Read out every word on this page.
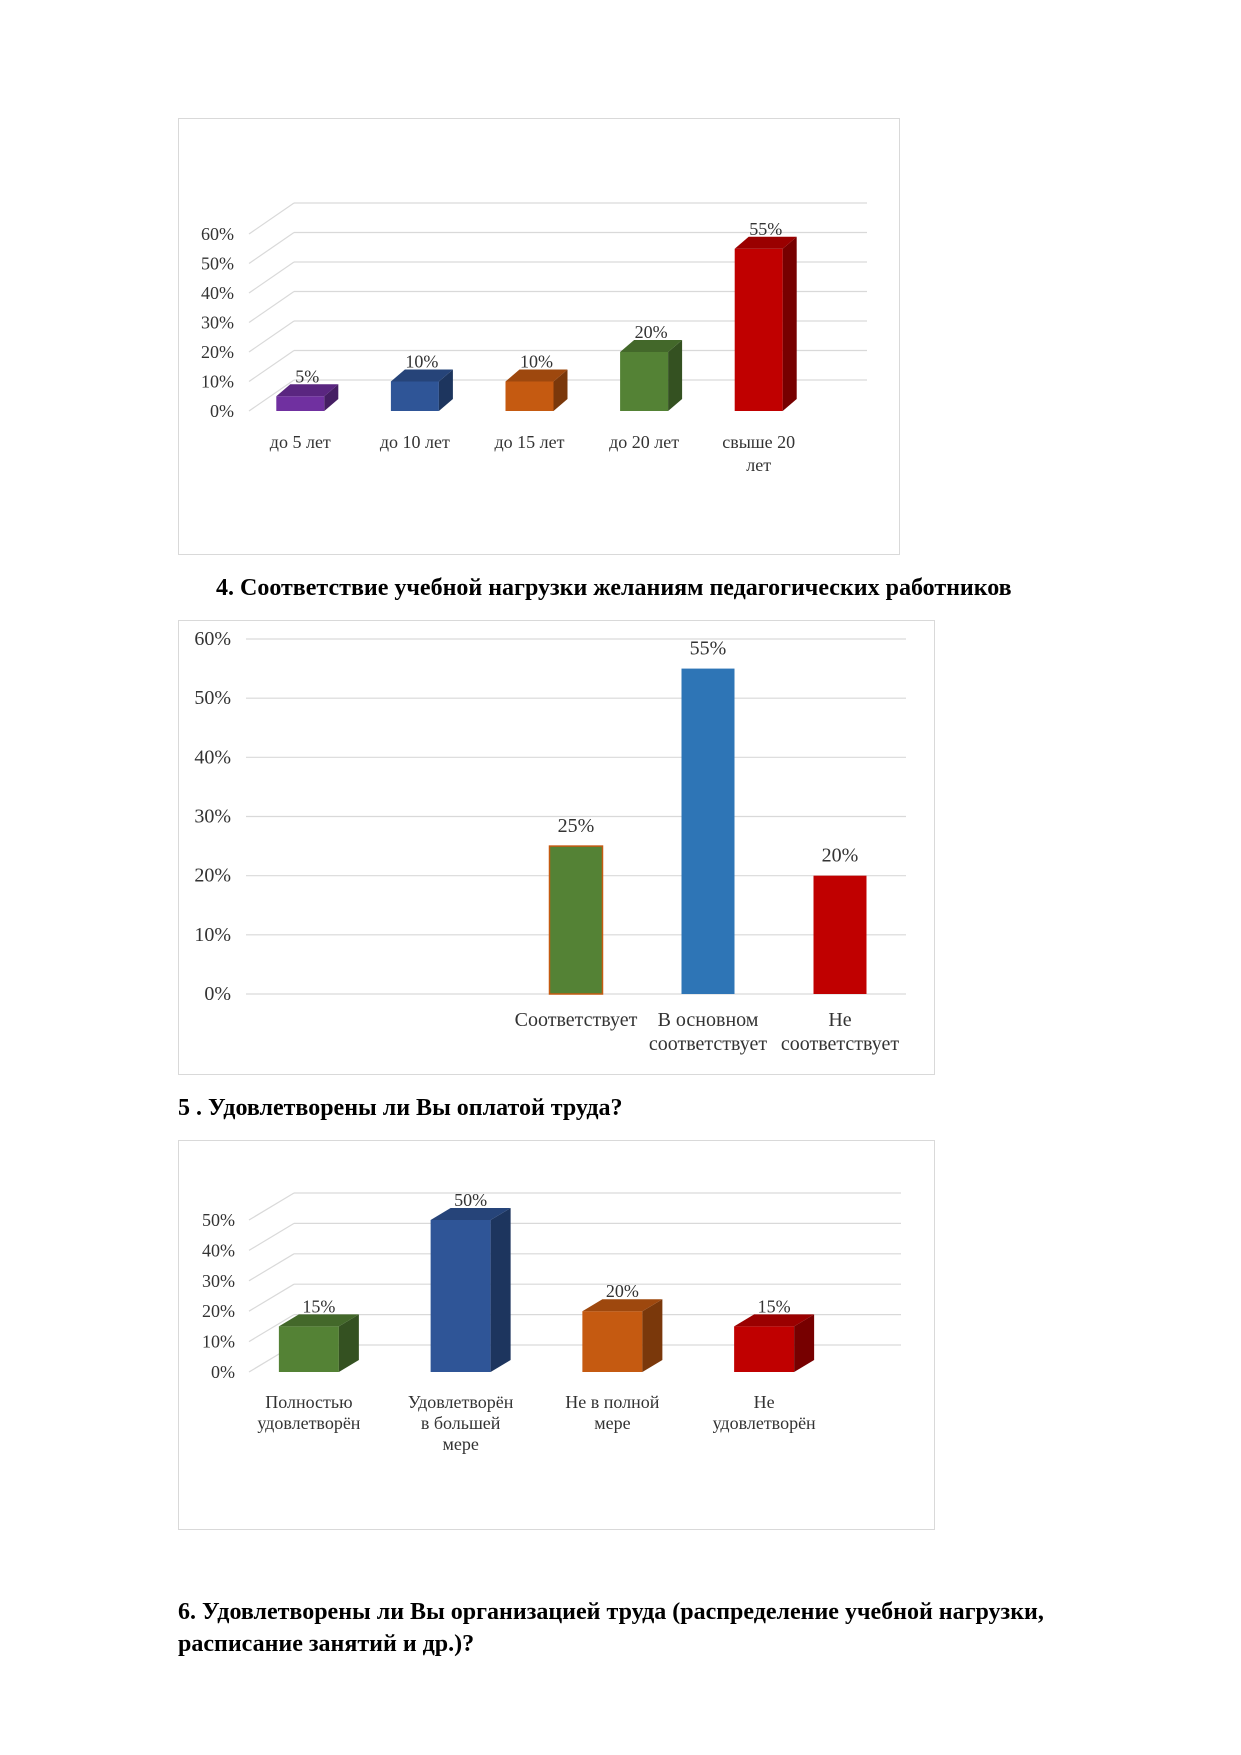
0%
10%
20%
30%
40%
50%
60%
5%
до 5 лет
10%
до 10 лет
10%
до 15 лет
20%
до 20 лет
55%
свыше 20
лет
4. Соответствие учебной нагрузки желаниям педагогических работников
0%
10%
20%
30%
40%
50%
60%
25%
Соответствует
55%
В основном
соответствует
20%
Не
соответствует
5 . Удовлетворены ли Вы оплатой труда?
0%
10%
20%
30%
40%
50%
15%
Полностью
удовлетворён
50%
Удовлетворён
в большей
мере
20%
Не в полной
мере
15%
Не
удовлетворён
6. Удовлетворены ли Вы организацией труда (распределение учебной нагрузки,
расписание занятий и др.)?
